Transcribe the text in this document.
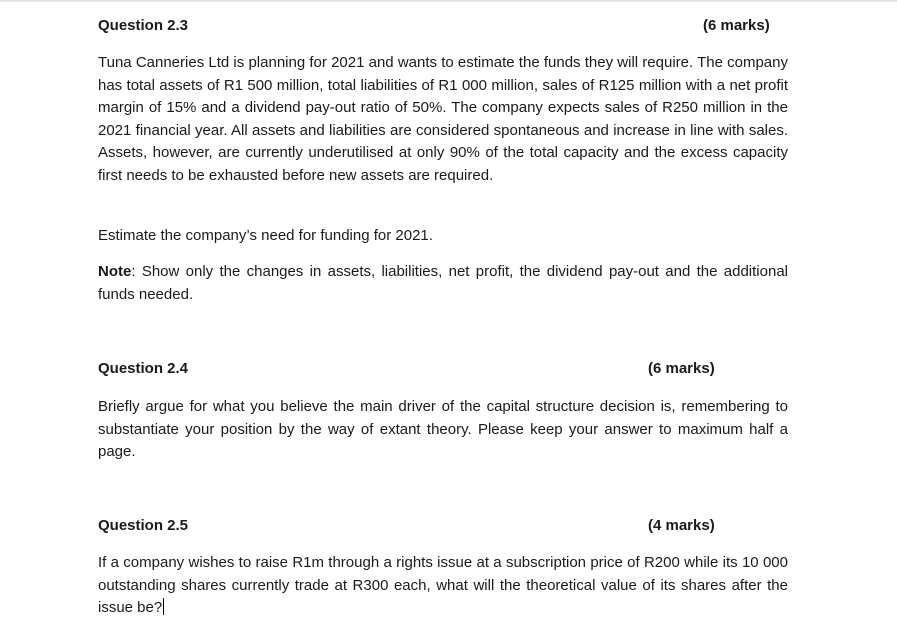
Question 2.3	(6 marks)

Tuna Canneries Ltd is planning for 2021 and wants to estimate the funds they will require. The company has total assets of R1 500 million, total liabilities of R1 000 million, sales of R125 million with a net profit margin of 15% and a dividend pay-out ratio of 50%. The company expects sales of R250 million in the 2021 financial year. All assets and liabilities are considered spontaneous and increase in line with sales. Assets, however, are currently underutilised at only 90% of the total capacity and the excess capacity first needs to be exhausted before new assets are required.

Estimate the company’s need for funding for 2021.

Note: Show only the changes in assets, liabilities, net profit, the dividend pay-out and the additional funds needed.

Question 2.4	(6 marks)

Briefly argue for what you believe the main driver of the capital structure decision is, remembering to substantiate your position by the way of extant theory. Please keep your answer to maximum half a page.

Question 2.5	(4 marks)

If a company wishes to raise R1m through a rights issue at a subscription price of R200 while its 10 000 outstanding shares currently trade at R300 each, what will the theoretical value of its shares after the issue be?
